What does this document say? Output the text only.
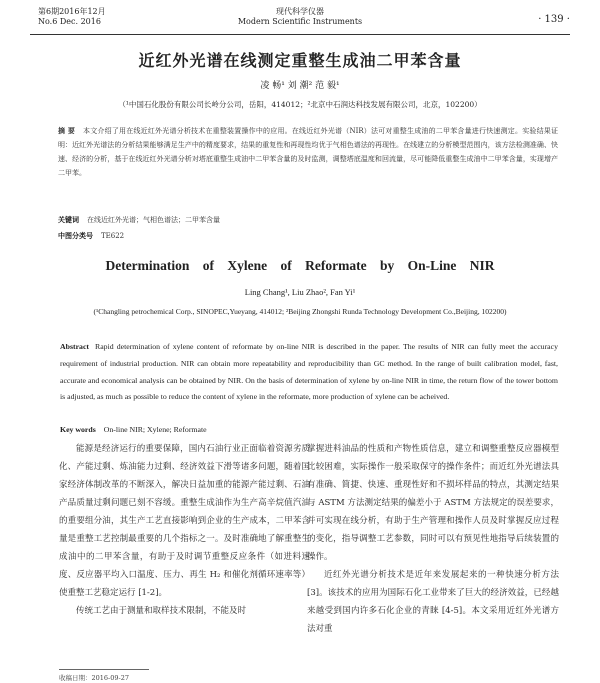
第6期2016年12月
No.6 Dec. 2016
现代科学仪器
Modern Scientific Instruments	· 139 ·
近红外光谱在线测定重整生成油二甲苯含量
凌 畅¹ 刘 潮² 范 毅¹
（¹中国石化股份有限公司长岭分公司，岳阳，414012；²北京中石润达科技发展有限公司，北京，102200）
摘 要 本文介绍了用在线近红外光谱分析技术在重整装置操作中的应用。在线近红外光谱（NIR）法可对重整生成油的二甲苯含量进行快速测定。实验结果证明：近红外光谱法的分析结果能够满足生产中的精度要求，结果的重复性和再现性均优于气相色谱法的再现性。在线建立的分析模型范围内，该方法检测准确、快速、经济的分析，基于在线近红外光谱分析对塔底重整生成油中二甲苯含量的及时监测，调整塔底温度和回流量，尽可能降低重整生成油中二甲苯含量，实现增产二甲苯。
关键词 在线近红外光谱；气相色谱法；二甲苯含量
中图分类号 TE622
Determination of Xylene of Reformate by On-Line NIR
Ling Chang¹, Liu Zhao², Fan Yi¹
(¹Changling petrochemical Corp., SINOPEC,Yueyang, 414012; ²Beijing Zhongshi Runda Technology Development Co.,Beijing, 102200)
Abstract Rapid determination of xylene content of reformate by on-line NIR is described in the paper. The results of NIR can fully meet the accuracy requirement of industrial production. NIR can obtain more repeatability and reproducibility than GC method. In the range of built calibration model, fast, accurate and economical analysis can be obtained by NIR. On the basis of determination of xylene by on-line NIR in time, the return flow of the tower bottom is adjusted, as much as possible to reduce the content of xylene in the reformate, more production of xylene can be acheived.
Key words On-line NIR; Xylene; Reformate

能源是经济运行的重要保障，国内石油行业正面临着资源劣质化、产能过剩、炼油能力过剩、经济效益下滑等诸多问题，随着国家经济体制改革的不断深入，解决日益加重的能源产能过剩、石油产品质量过剩问题已刻不容缓。重整生成油作为生产高辛烷值汽油的重要组分油，其生产工艺直接影响到企业的生产成本，二甲苯含量是重整工艺控制最重要的几个指标之一。及时准确地了解重整生成油中的二甲苯含量，有助于及时调节重整反应条件（如进料速度、反应器平均入口温度、压力、再生 H₂ 和催化剂循环速率等）使重整工艺稳定运行 [1-2]。

传统工艺由于测量和取样技术限制，不能及时

掌握进料油品的性质和产物性质信息，建立和调整重整反应器模型比较困难，实际操作一般采取保守的操作条件；而近红外光谱法具有准确、简捷、快速、重现性好和不损坏样品的特点，其测定结果与 ASTM 方法测定结果的偏差小于 ASTM 方法规定的误差要求，并可实现在线分析，有助于生产管理和操作人员及时掌握反应过程的变化，指导调整工艺参数，同时可以有预见性地指导后续装置的操作。

近红外光谱分析技术是近年来发展起来的一种快速分析方法 [3]。该技术的应用为国际石化工业带来了巨大的经济效益，已经越来越受到国内许多石化企业的青睐 [4-5]。本文采用近红外光谱方法对重

收稿日期：2016-09-27
